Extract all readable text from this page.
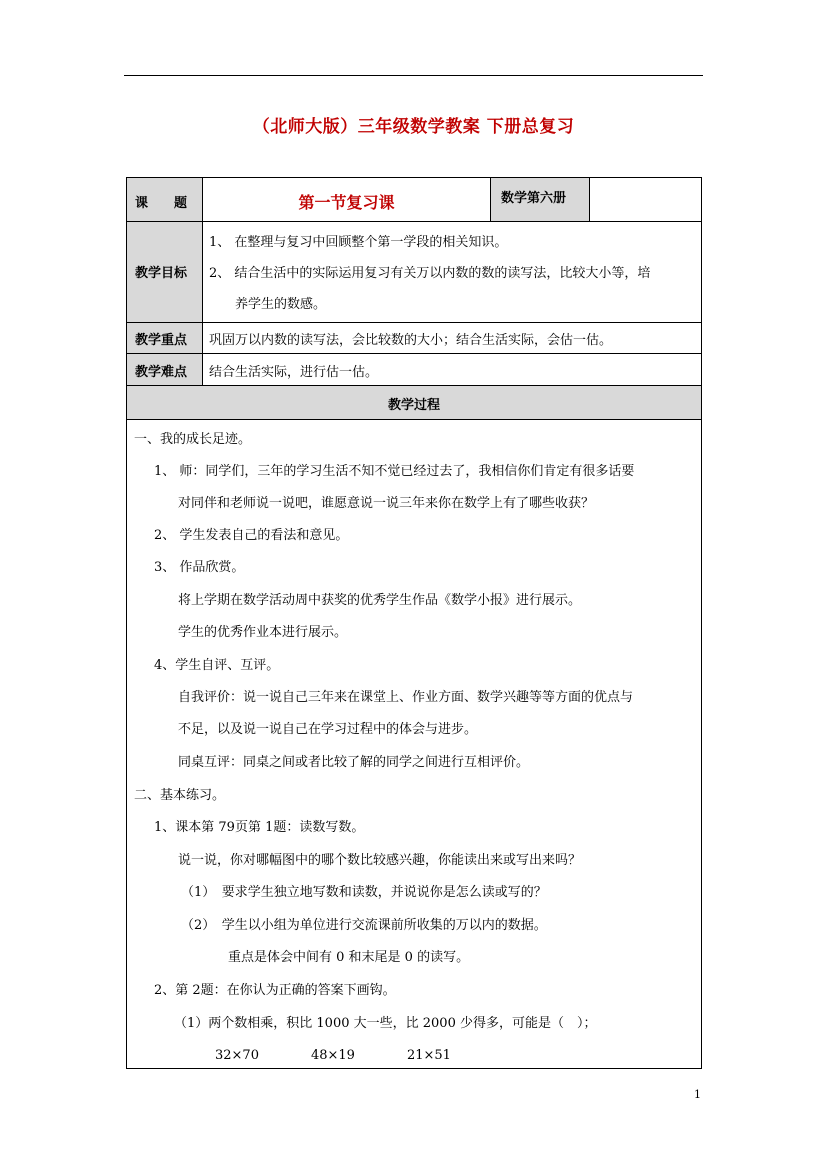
（北师大版）三年级数学教案 下册总复习
课　　题	第一节复习课	数学第六册
教学目标
1、 在整理与复习中回顾整个第一学段的相关知识。
2、 结合生活中的实际运用复习有关万以内数的数的读写法，比较大小等，培
养学生的数感。
教学重点 巩固万以内数的读写法，会比较数的大小；结合生活实际，会估一估。
教学难点 结合生活实际，进行估一估。
教学过程
一、我的成长足迹。
1、 师：同学们，三年的学习生活不知不觉已经过去了，我相信你们肯定有很多话要
对同伴和老师说一说吧，谁愿意说一说三年来你在数学上有了哪些收获？
2、 学生发表自己的看法和意见。
3、 作品欣赏。
将上学期在数学活动周中获奖的优秀学生作品《数学小报》进行展示。
学生的优秀作业本进行展示。
4、学生自评、互评。
自我评价：说一说自己三年来在课堂上、作业方面、数学兴趣等等方面的优点与
不足，以及说一说自己在学习过程中的体会与进步。
同桌互评：同桌之间或者比较了解的同学之间进行互相评价。
二、基本练习。
1、课本第 79页第 1题：读数写数。
说一说，你对哪幅图中的哪个数比较感兴趣，你能读出来或写出来吗？
（1）　要求学生独立地写数和读数，并说说你是怎么读或写的？
（2）　学生以小组为单位进行交流课前所收集的万以内的数据。
重点是体会中间有 0 和末尾是 0 的读写。
2、第 2题：在你认为正确的答案下画钩。
（1）两个数相乘，积比 1000 大一些，比 2000 少得多，可能是（　）；
32×70　　　　48×19　　　　21×51
1
